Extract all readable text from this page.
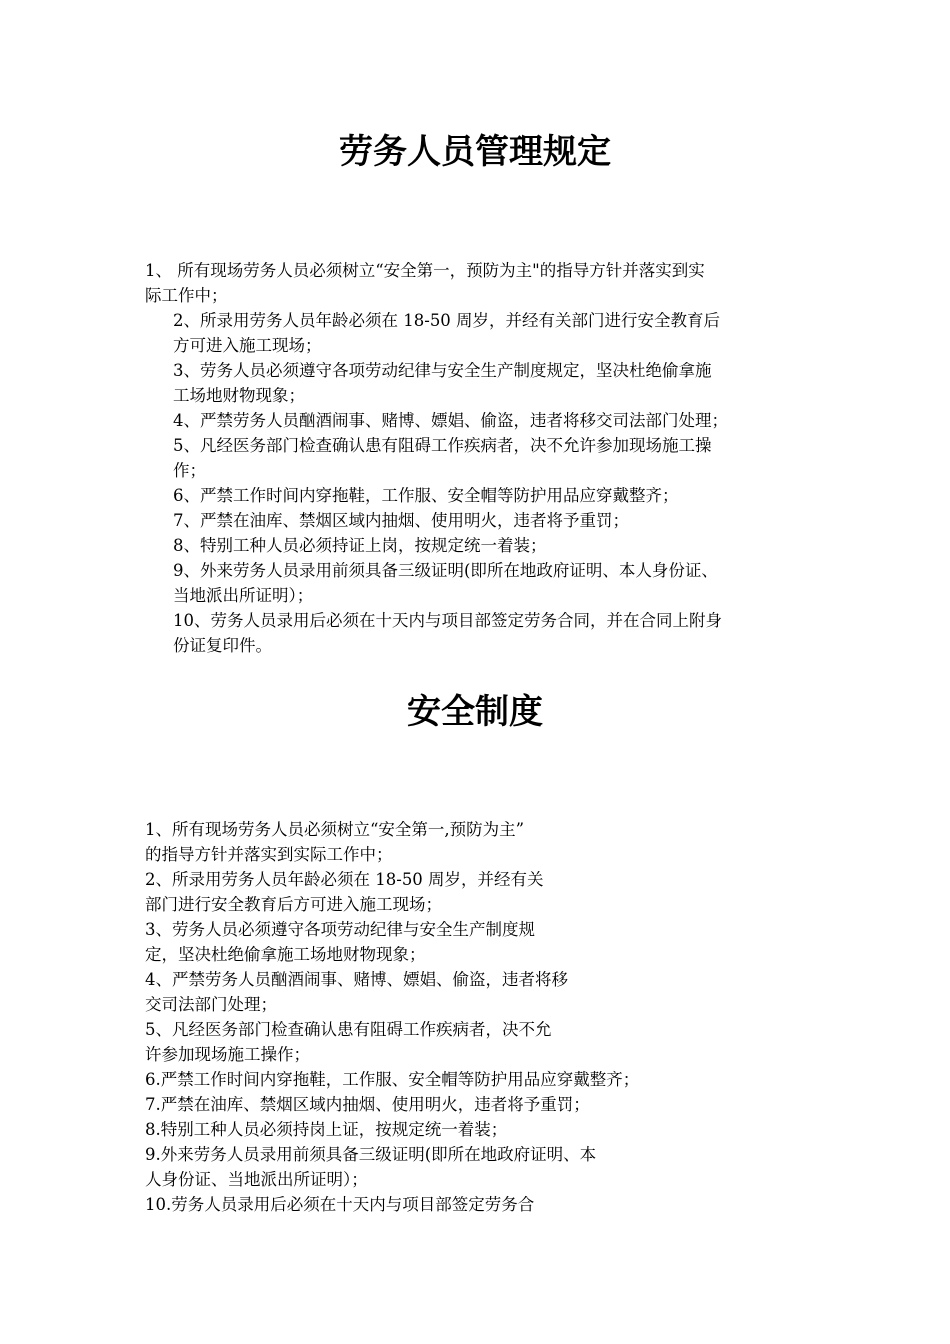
劳务人员管理规定
1、 所有现场劳务人员必须树立“安全第一，预防为主"的指导方针并落实到实
际工作中；
2、所录用劳务人员年龄必须在 18-50 周岁，并经有关部门进行安全教育后
方可进入施工现场；
3、劳务人员必须遵守各项劳动纪律与安全生产制度规定，坚决杜绝偷拿施
工场地财物现象；
4、严禁劳务人员酗酒闹事、赌博、嫖娼、偷盗，违者将移交司法部门处理；
5、凡经医务部门检查确认患有阻碍工作疾病者，决不允许参加现场施工操
作；
6、严禁工作时间内穿拖鞋，工作服、安全帽等防护用品应穿戴整齐；
7、严禁在油库、禁烟区域内抽烟、使用明火，违者将予重罚；
8、特别工种人员必须持证上岗，按规定统一着装；
9、外来劳务人员录用前须具备三级证明(即所在地政府证明、本人身份证、
当地派出所证明）；
10、劳务人员录用后必须在十天内与项目部签定劳务合同，并在合同上附身
份证复印件。
安全制度
1、所有现场劳务人员必须树立“安全第一,预防为主”
的指导方针并落实到实际工作中；
2、所录用劳务人员年龄必须在 18-50 周岁，并经有关
部门进行安全教育后方可进入施工现场；
3、劳务人员必须遵守各项劳动纪律与安全生产制度规
定，坚决杜绝偷拿施工场地财物现象；
4、严禁劳务人员酗酒闹事、赌博、嫖娼、偷盗，违者将移
交司法部门处理；
5、凡经医务部门检查确认患有阻碍工作疾病者，决不允
许参加现场施工操作；
6.严禁工作时间内穿拖鞋，工作服、安全帽等防护用品应穿戴整齐；
7.严禁在油库、禁烟区域内抽烟、使用明火，违者将予重罚；
8.特别工种人员必须持岗上证，按规定统一着装；
9.外来劳务人员录用前须具备三级证明(即所在地政府证明、本
人身份证、当地派出所证明）；
10.劳务人员录用后必须在十天内与项目部签定劳务合
